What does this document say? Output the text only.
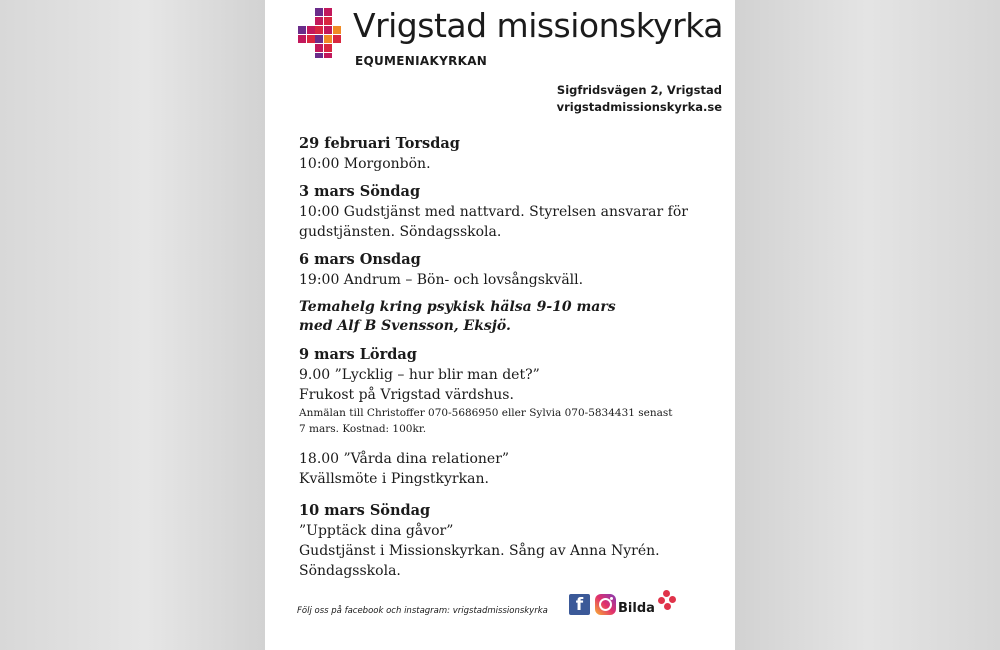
Vrigstad missionskyrka
EQUMENIAKYRKAN
Sigfridsvägen 2, Vrigstad
vrigstadmissionskyrka.se
29 februari Torsdag

10:00 Morgonbön.

3 mars Söndag

10:00 Gudstjänst med nattvard. Styrelsen ansvarar för

gudstjänsten. Söndagsskola.

6 mars Onsdag

19:00 Andrum – Bön- och lovsångskväll.

Temahelg kring psykisk hälsa 9-10 mars
med Alf B Svensson, Eksjö.
9 mars Lördag

9.00 ”Lycklig – hur blir man det?”

Frukost på Vrigstad värdshus.

Anmälan till Christoffer 070-5686950 eller Sylvia 070-5834431 senast

7 mars. Kostnad: 100kr.

18.00 ”Vårda dina relationer”

Kvällsmöte i Pingstkyrkan.

10 mars Söndag

”Upptäck dina gåvor”

Gudstjänst i Missionskyrkan. Sång av Anna Nyrén.

Söndagsskola.

Följ oss på facebook och instagram: vrigstadmissionskyrka f	Bilda
